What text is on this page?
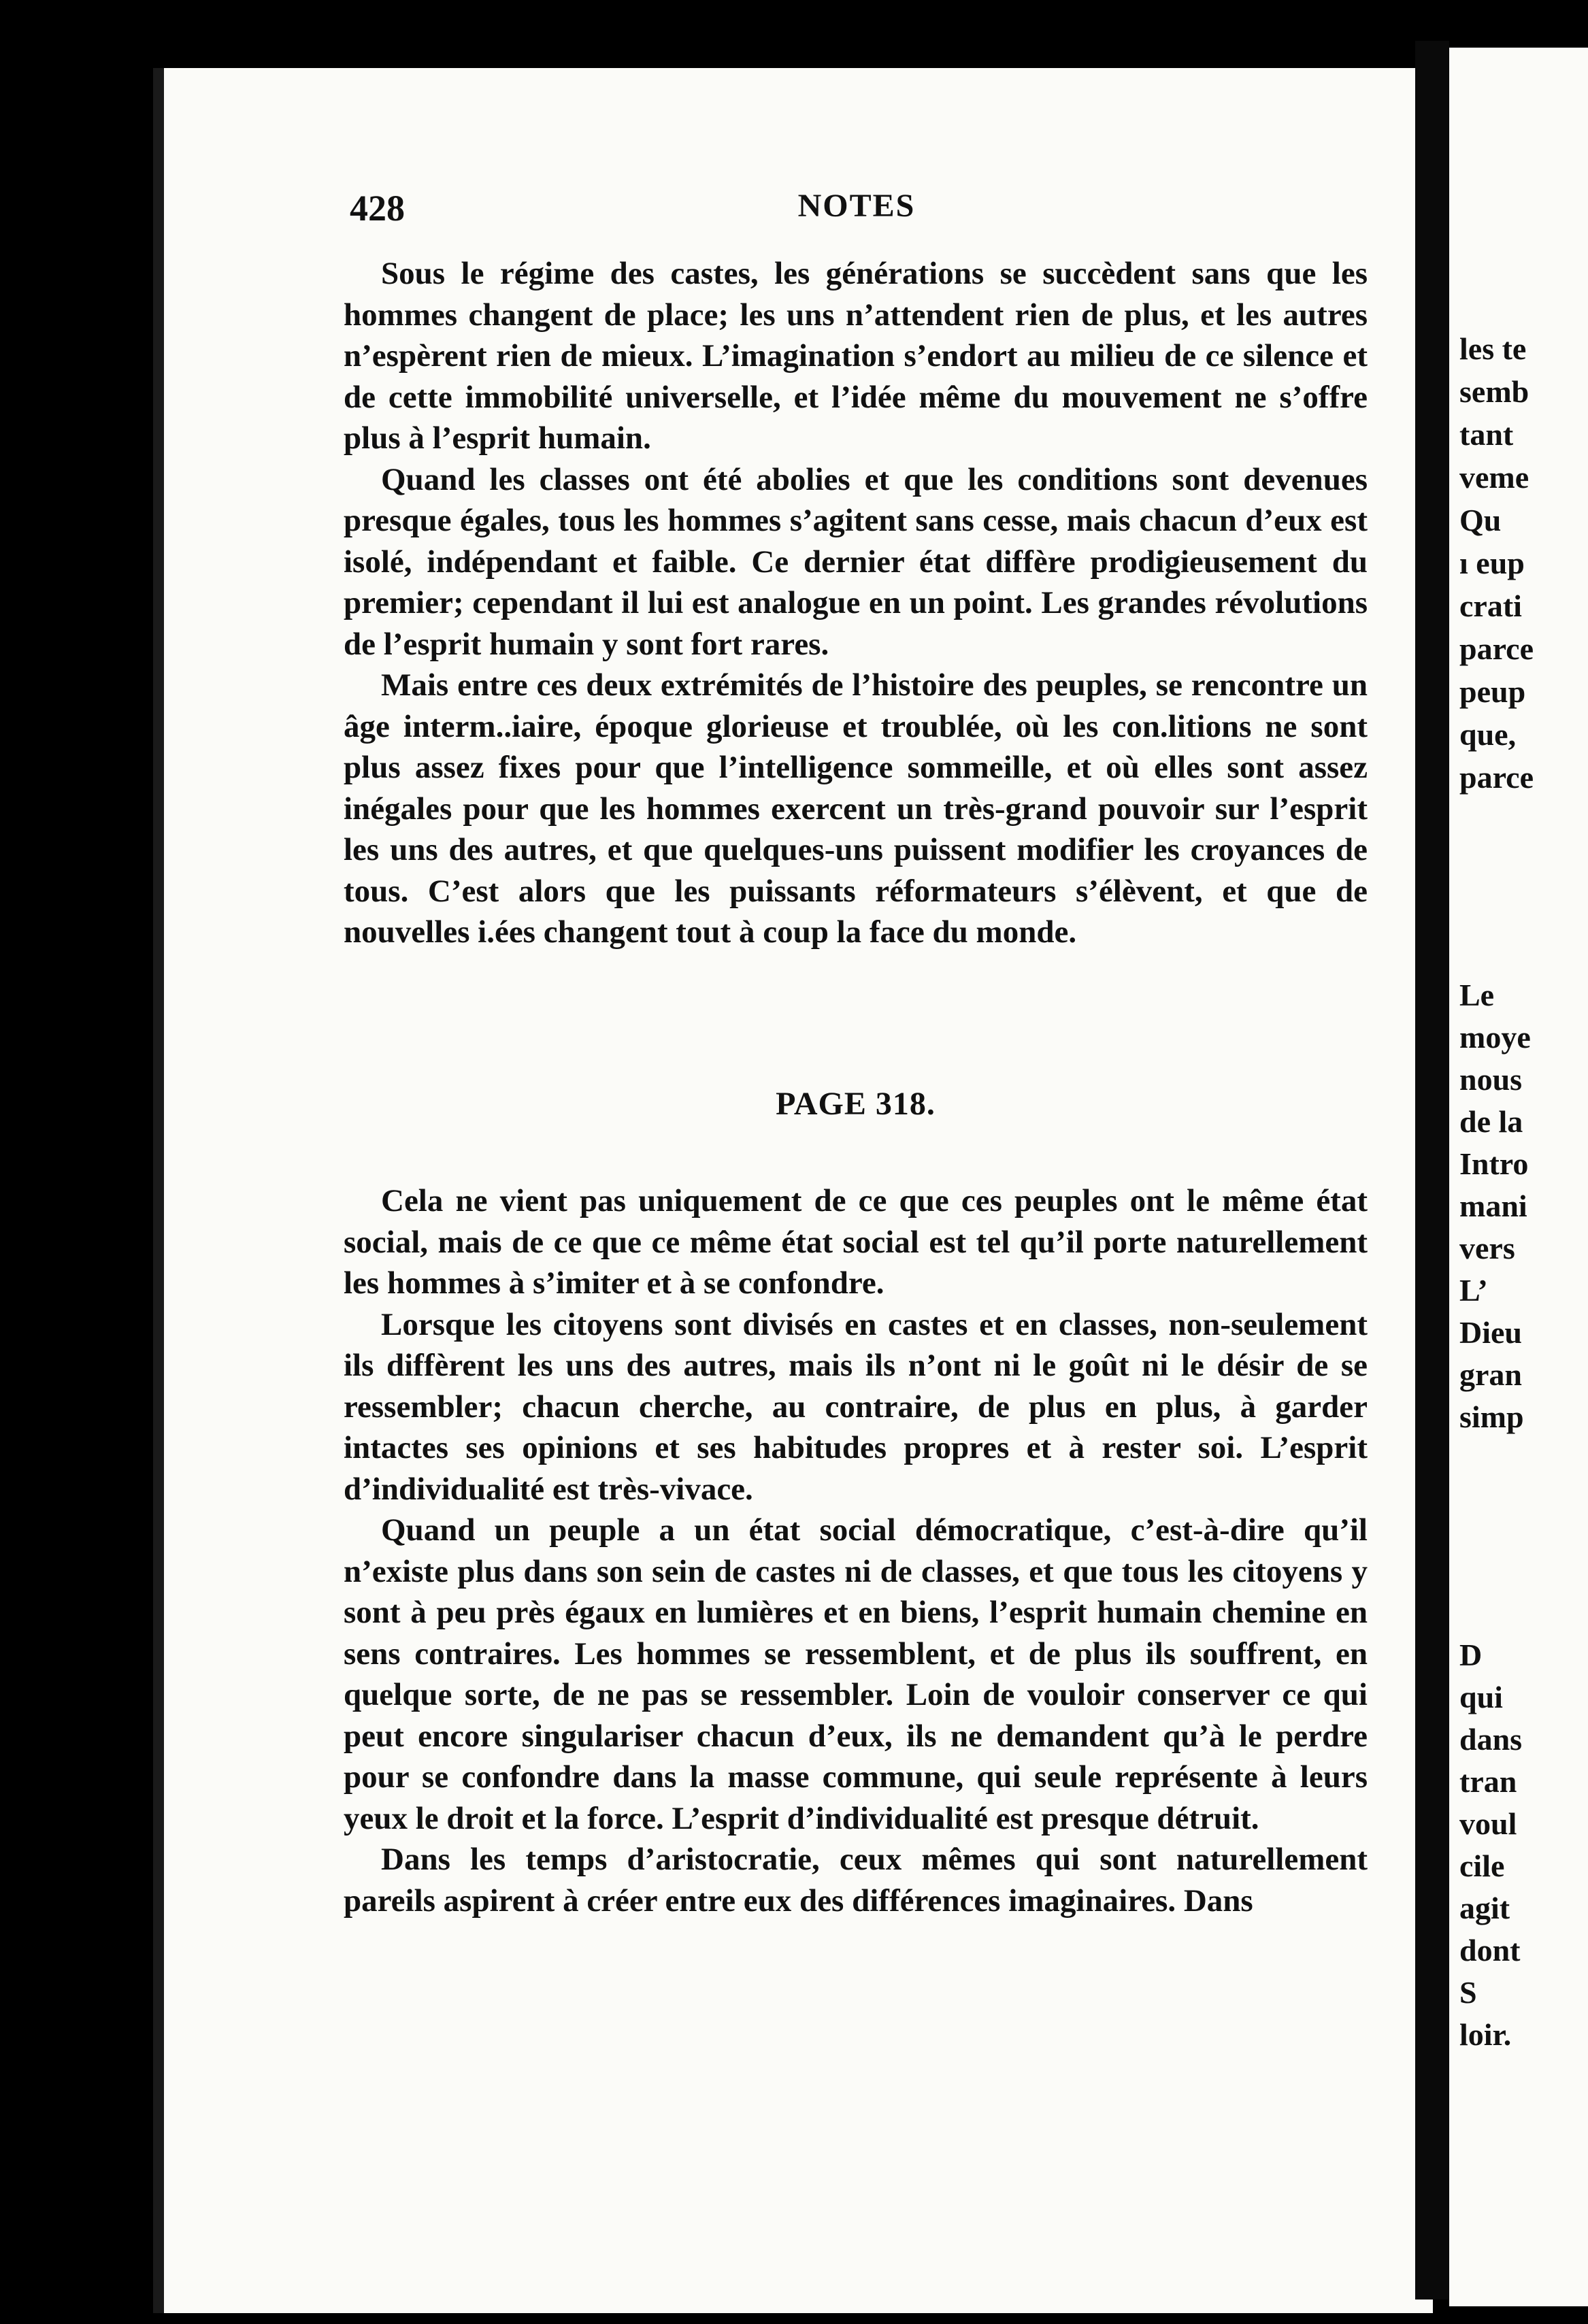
les te
semb
tant
veme
Qu
ı eup
crati
parce
peup
que,
parce
Le
moye
nous
de la
Intro
mani
vers
L’
Dieu
gran
simp
D
qui
dans
tran
voul
cile
agit
dont
S
loir.
428	NOTES

Sous le régime des castes, les générations se succèdent sans que les hommes changent de place; les uns n’attendent rien de plus, et les autres n’espèrent rien de mieux. L’imagination s’endort au milieu de ce silence et de cette immobilité universelle, et l’idée même du mouvement ne s’offre plus à l’esprit humain.

Quand les classes ont été abolies et que les conditions sont devenues presque égales, tous les hommes s’agitent sans cesse, mais chacun d’eux est isolé, indépendant et faible. Ce dernier état diffère prodigieusement du premier; cependant il lui est analogue en un point. Les grandes révolutions de l’esprit humain y sont fort rares.

Mais entre ces deux extrémités de l’histoire des peuples, se rencontre un âge interm..iaire, époque glorieuse et troublée, où les con.litions ne sont plus assez fixes pour que l’intelligence sommeille, et où elles sont assez inégales pour que les hommes exercent un très-grand pouvoir sur l’esprit les uns des autres, et que quelques-uns puissent modifier les croyances de tous. C’est alors que les puissants réformateurs s’élèvent, et que de nouvelles i.ées changent tout à coup la face du monde.

PAGE 318.

Cela ne vient pas uniquement de ce que ces peuples ont le même état social, mais de ce que ce même état social est tel qu’il porte naturellement les hommes à s’imiter et à se confondre.

Lorsque les citoyens sont divisés en castes et en classes, non-seulement ils diffèrent les uns des autres, mais ils n’ont ni le goût ni le désir de se ressembler; chacun cherche, au contraire, de plus en plus, à garder intactes ses opinions et ses habitudes propres et à rester soi. L’esprit d’individualité est très-vivace.

Quand un peuple a un état social démocratique, c’est-à-dire qu’il n’existe plus dans son sein de castes ni de classes, et que tous les citoyens y sont à peu près égaux en lumières et en biens, l’esprit humain chemine en sens contraires. Les hommes se ressemblent, et de plus ils souffrent, en quelque sorte, de ne pas se ressembler. Loin de vouloir conserver ce qui peut encore singulariser chacun d’eux, ils ne demandent qu’à le perdre pour se confondre dans la masse commune, qui seule représente à leurs yeux le droit et la force. L’esprit d’individualité est presque détruit.

Dans les temps d’aristocratie, ceux mêmes qui sont naturellement pareils aspirent à créer entre eux des différences imaginaires. Dans
